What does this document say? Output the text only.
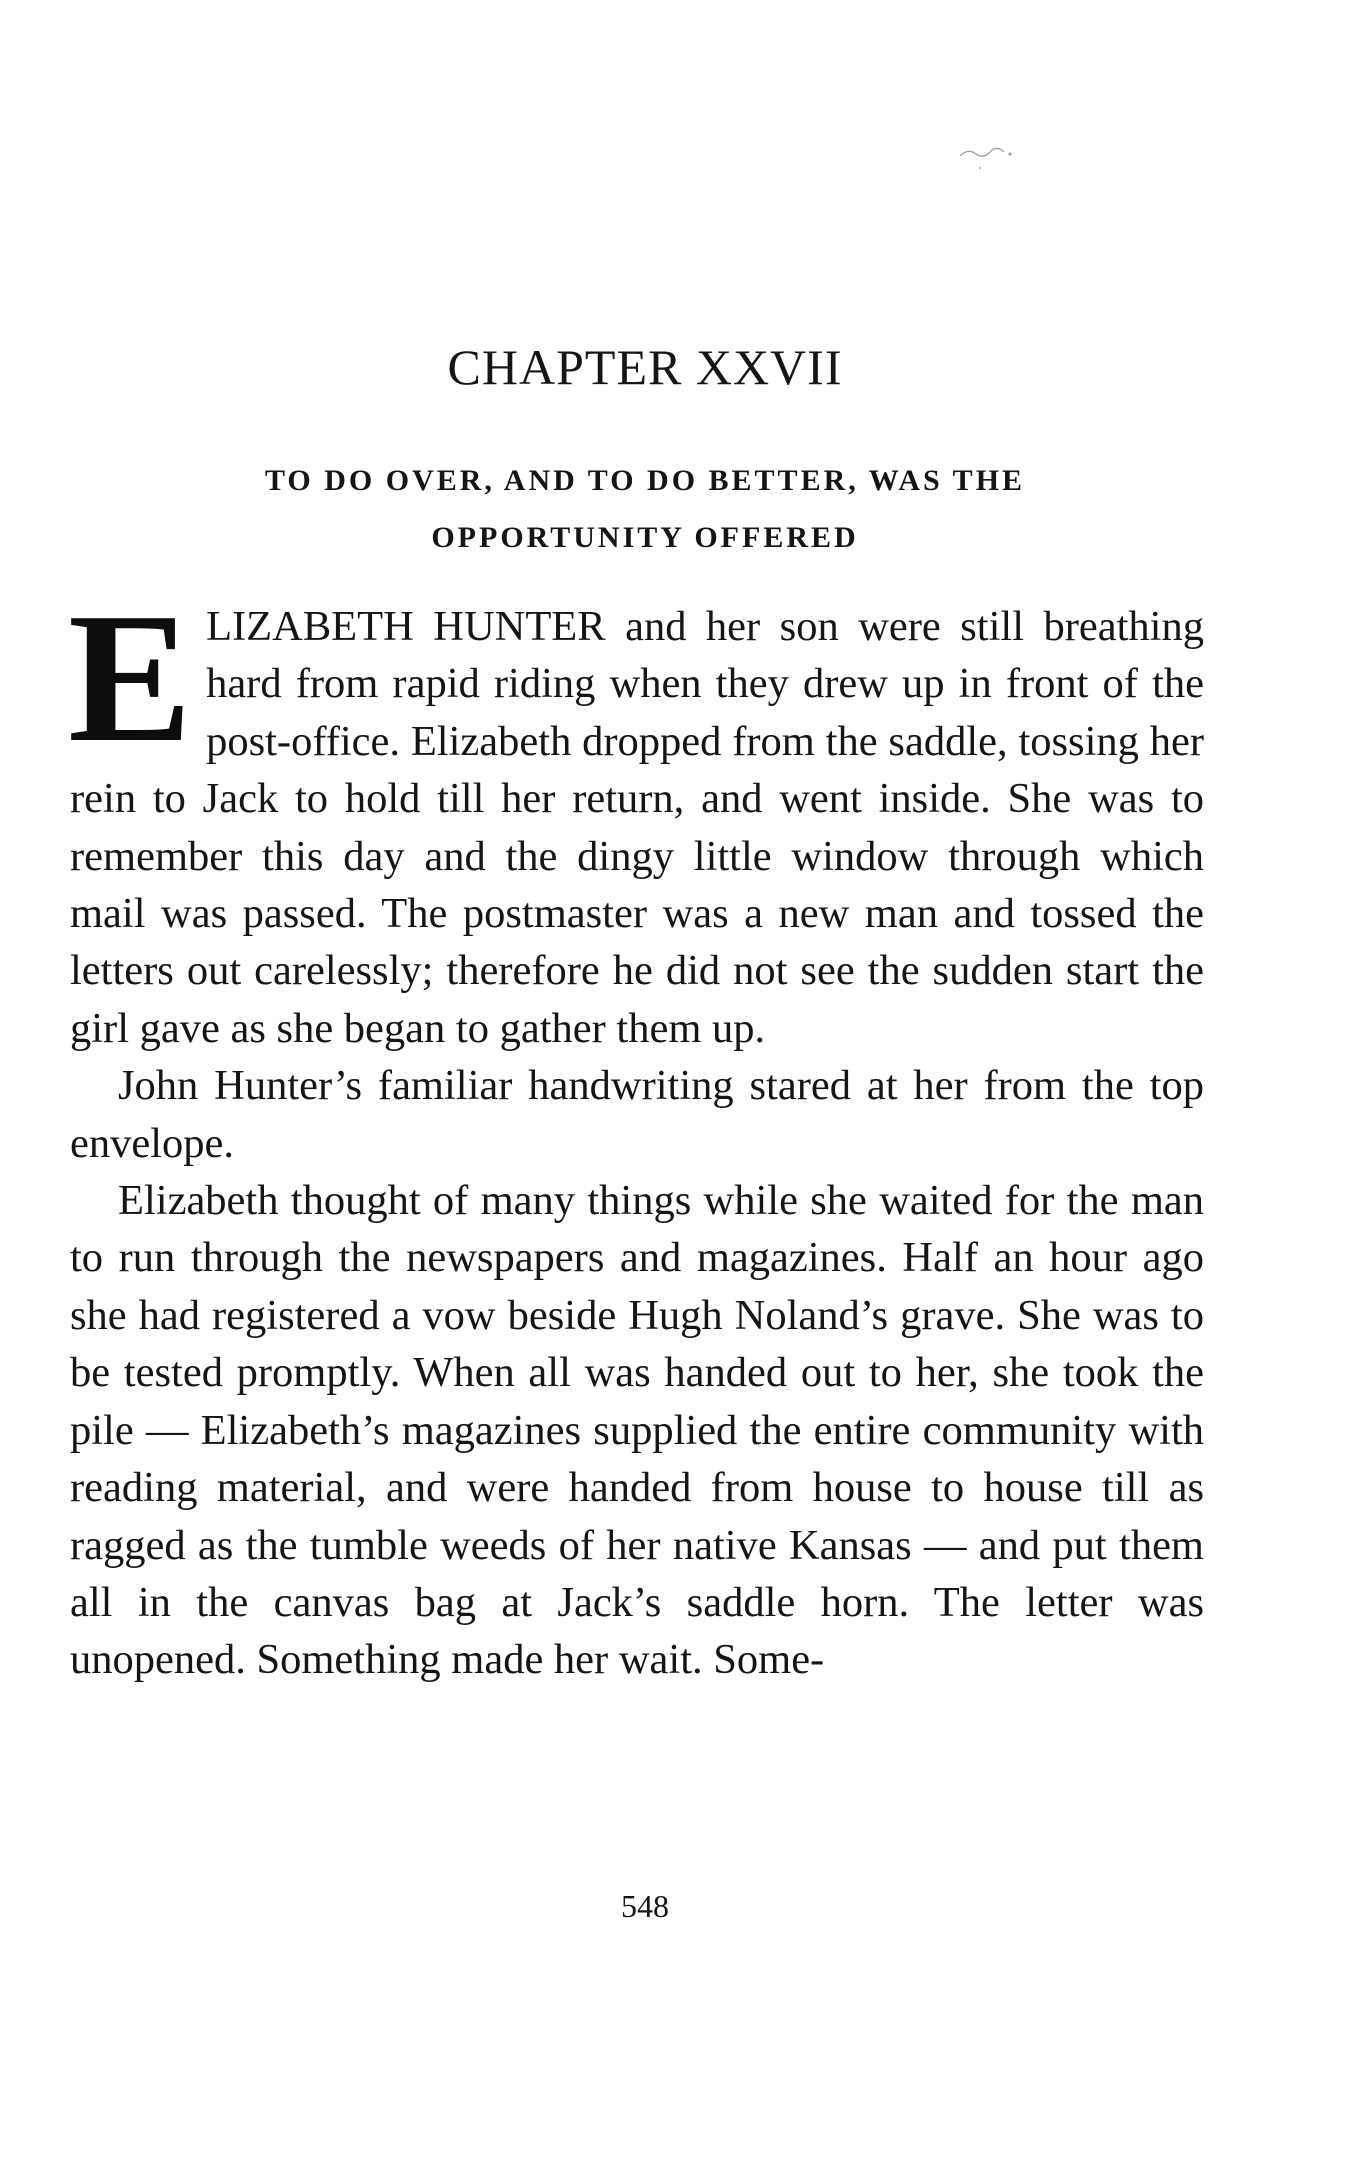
CHAPTER XXVII
TO DO OVER, AND TO DO BETTER, WAS THE
OPPORTUNITY OFFERED

ELIZABETH HUNTER and her son were still breathing hard from rapid riding when they drew up in front of the post-office. Elizabeth dropped from the saddle, tossing her rein to Jack to hold till her return, and went inside. She was to remember this day and the dingy little window through which mail was passed. The postmaster was a new man and tossed the letters out carelessly; therefore he did not see the sudden start the girl gave as she began to gather them up.

John Hunter’s familiar handwriting stared at her from the top envelope.

Elizabeth thought of many things while she waited for the man to run through the newspapers and magazines. Half an hour ago she had registered a vow beside Hugh Noland’s grave. She was to be tested promptly. When all was handed out to her, she took the pile — Elizabeth’s magazines supplied the entire community with reading material, and were handed from house to house till as ragged as the tumble weeds of her native Kansas — and put them all in the canvas bag at Jack’s saddle horn. The letter was unopened. Something made her wait. Some-

548
